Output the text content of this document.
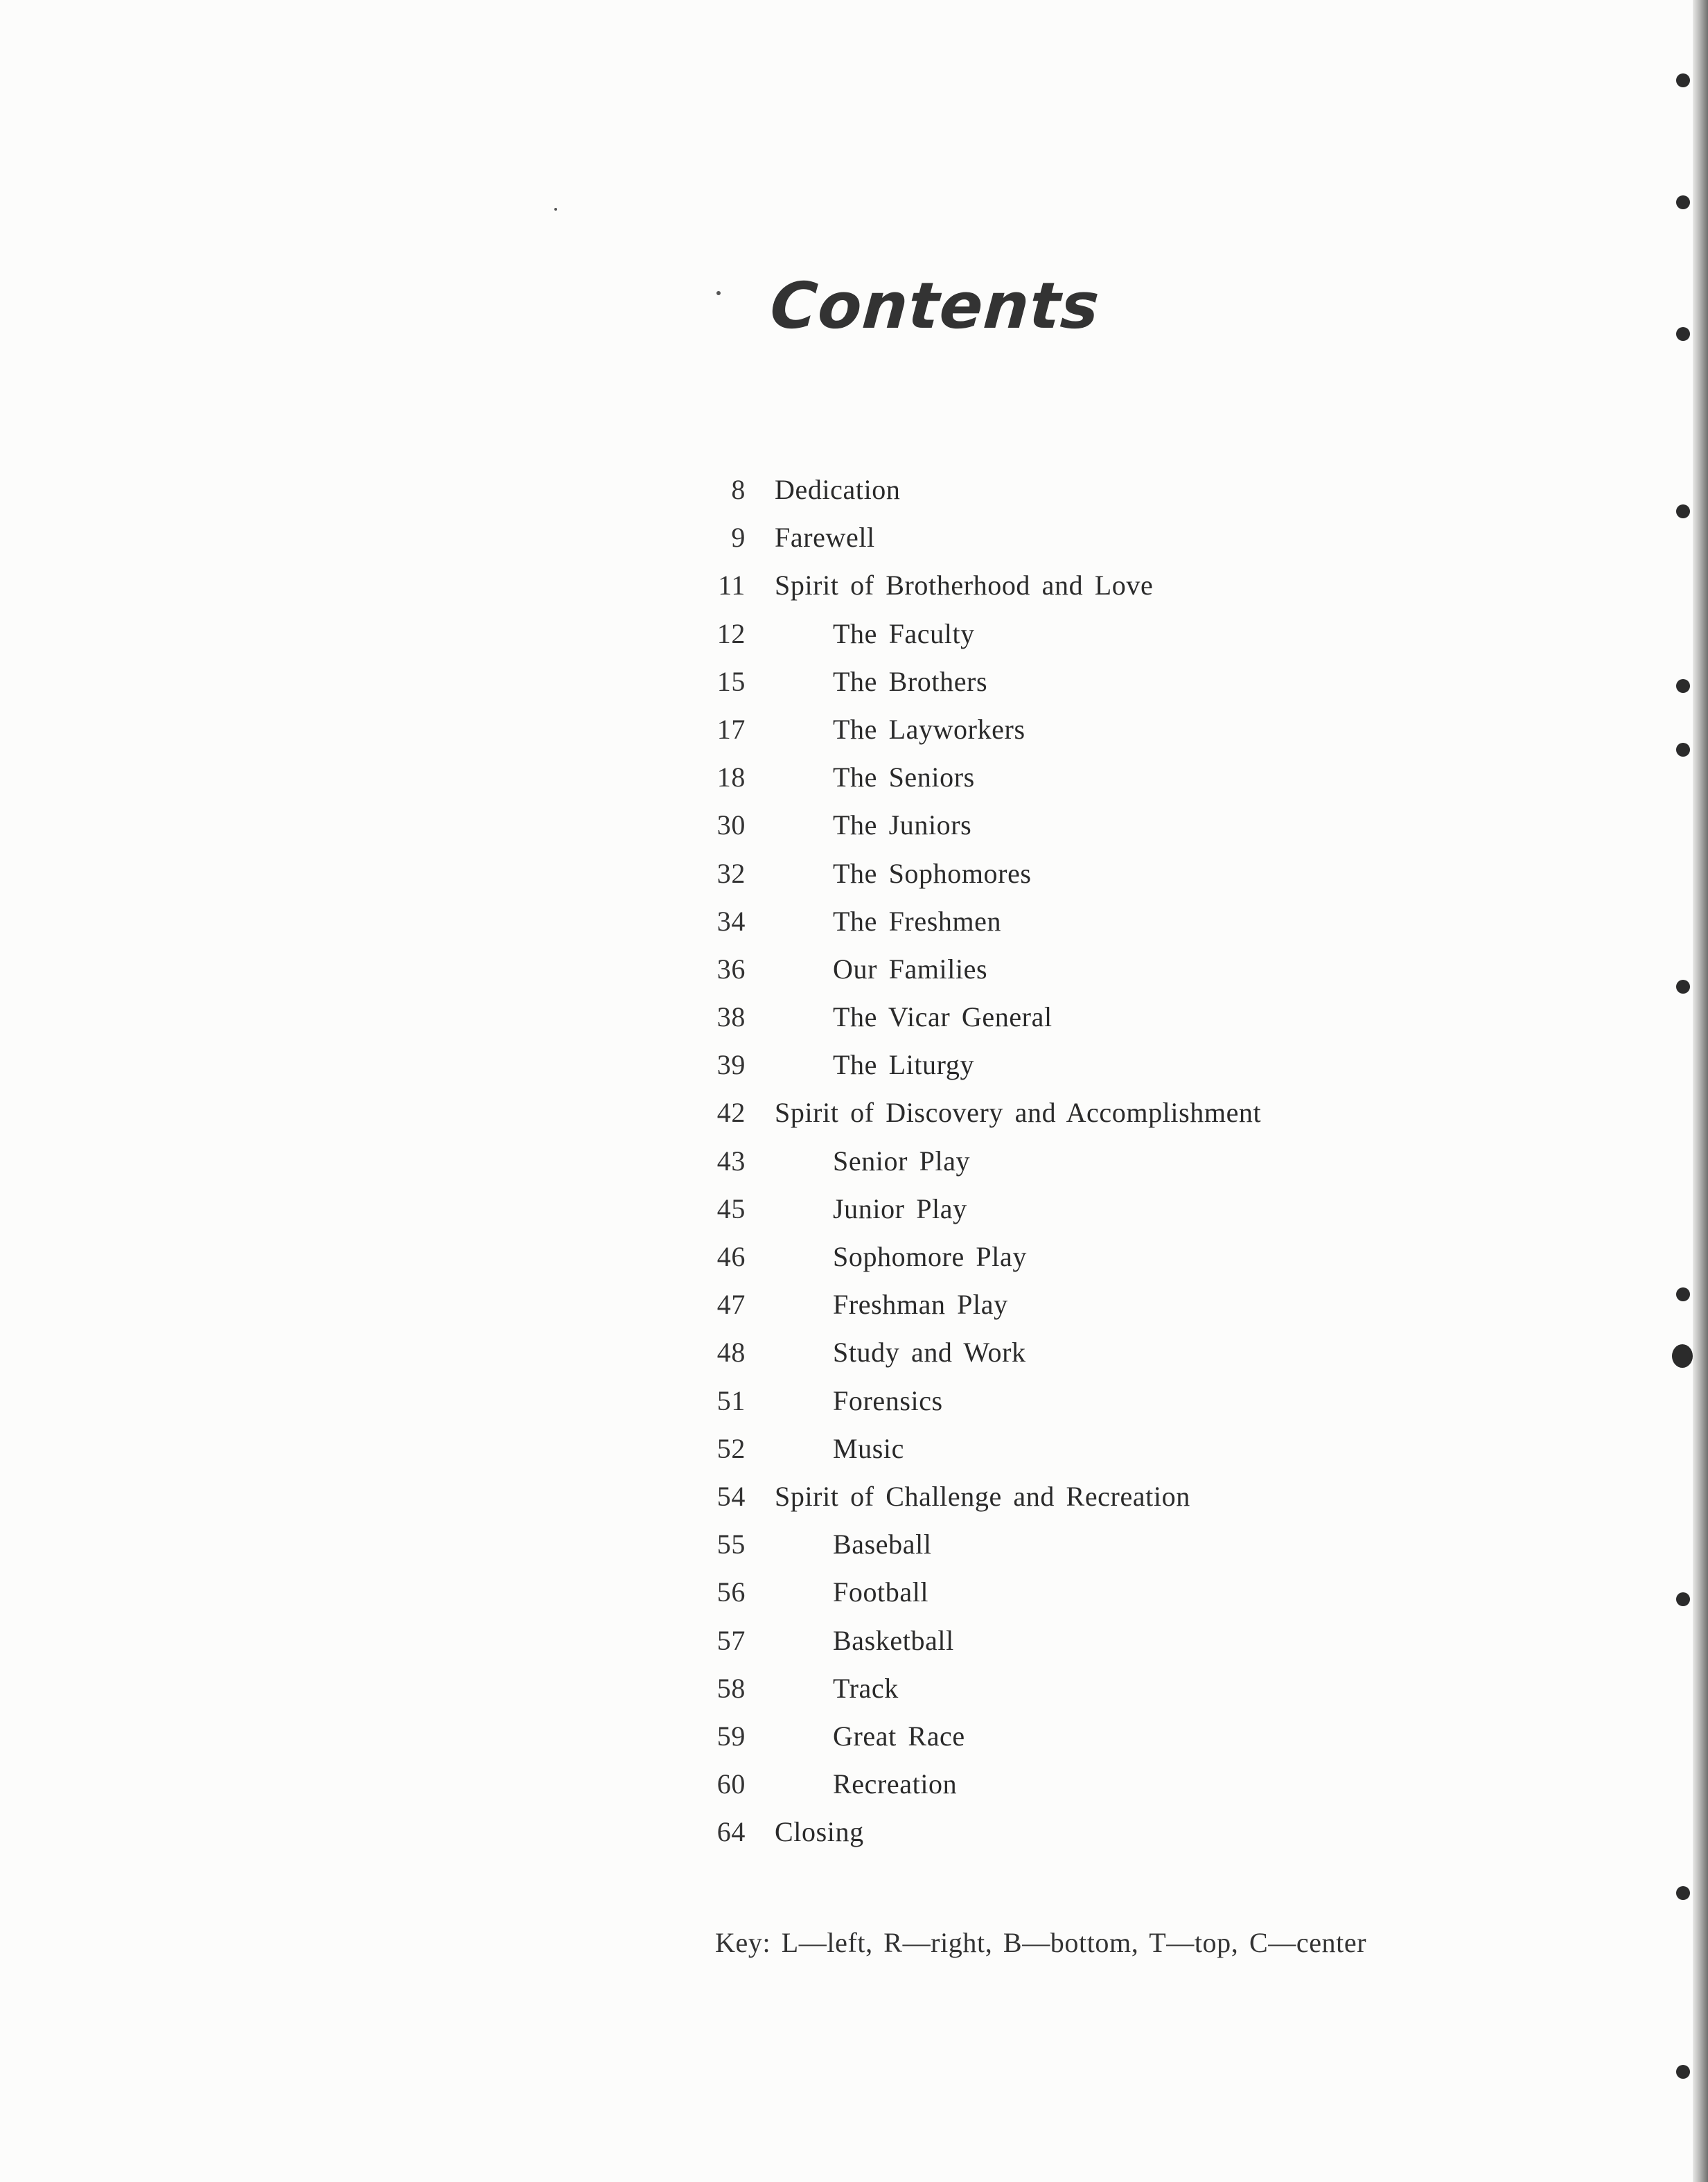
Contents
8 Dedication
9 Farewell
11 Spirit of Brotherhood and Love
12	The Faculty
15	The Brothers
17	The Layworkers
18	The Seniors
30	The Juniors
32	The Sophomores
34	The Freshmen
36	Our Families
38	The Vicar General
39	The Liturgy
42 Spirit of Discovery and Accomplishment
43	Senior Play
45	Junior Play
46	Sophomore Play
47	Freshman Play
48	Study and Work
51	Forensics
52	Music
54 Spirit of Challenge and Recreation
55	Baseball
56	Football
57	Basketball
58	Track
59	Great Race
60	Recreation
64 Closing

Key: L—left, R—right, B—bottom, T—top, C—center
